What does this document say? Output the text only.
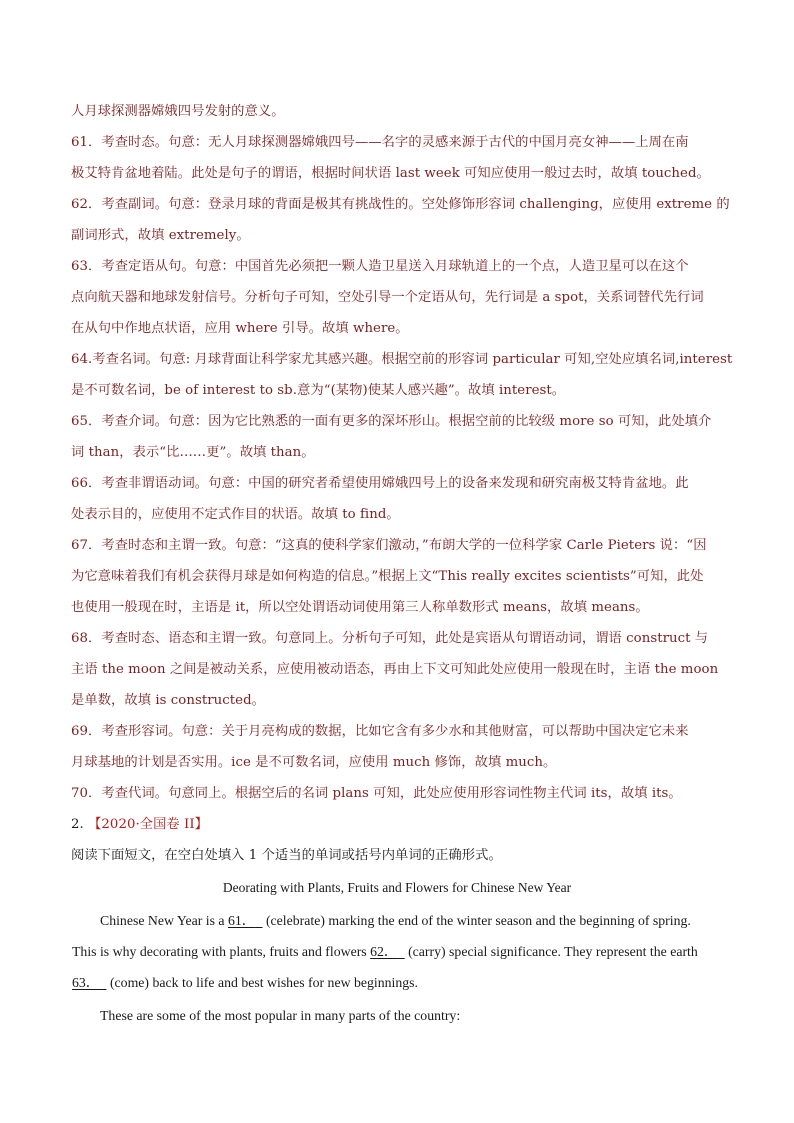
人月球探测器嫦娥四号发射的意义。
61．考查时态。句意：无人月球探测器嫦娥四号——名字的灵感来源于古代的中国月亮女神——上周在南
极艾特肯盆地着陆。此处是句子的谓语，根据时间状语 last week 可知应使用一般过去时，故填 touched。
62．考查副词。句意：登录月球的背面是极其有挑战性的。空处修饰形容词 challenging，应使用 extreme 的
副词形式，故填 extremely。
63．考查定语从句。句意：中国首先必须把一颗人造卫星送入月球轨道上的一个点，人造卫星可以在这个
点向航天器和地球发射信号。分析句子可知，空处引导一个定语从句，先行词是 a spot，关系词替代先行词
在从句中作地点状语，应用 where 引导。故填 where。
64.考查名词。句意: 月球背面让科学家尤其感兴趣。根据空前的形容词 particular 可知,空处应填名词,interest
是不可数名词，be of interest to sb.意为“(某物)使某人感兴趣”。故填 interest。
65．考查介词。句意：因为它比熟悉的一面有更多的深坏形山。根据空前的比较级 more so 可知，此处填介
词 than，表示“比……更”。故填 than。
66．考查非谓语动词。句意：中国的研究者希望使用嫦娥四号上的设备来发现和研究南极艾特肯盆地。此
处表示目的，应使用不定式作目的状语。故填 to find。
67．考查时态和主谓一致。句意：“这真的使科学家们激动，”布朗大学的一位科学家 Carle Pieters 说：“因
为它意味着我们有机会获得月球是如何构造的信息。”根据上文“This really excites scientists”可知，此处
也使用一般现在时，主语是 it，所以空处谓语动词使用第三人称单数形式 means，故填 means。
68．考查时态、语态和主谓一致。句意同上。分析句子可知，此处是宾语从句谓语动词，谓语 construct 与
主语 the moon 之间是被动关系，应使用被动语态，再由上下文可知此处应使用一般现在时，主语 the moon
是单数，故填 is constructed。
69．考查形容词。句意：关于月亮构成的数据，比如它含有多少水和其他财富，可以帮助中国决定它未来
月球基地的计划是否实用。ice 是不可数名词，应使用 much 修饰，故填 much。
70．考查代词。句意同上。根据空后的名词 plans 可知，此处应使用形容词性物主代词 its，故填 its。
2. 【2020·全国卷 II】
阅读下面短文，在空白处填入 1 个适当的单词或括号内单词的正确形式。
Deorating with Plants, Fruits and Flowers for Chinese New Year
Chinese New Year is a 61．   (celebrate) marking the end of the winter season and the beginning of spring.
This is why decorating with plants, fruits and flowers 62．   (carry) special significance. They represent the earth
63．   (come) back to life and best wishes for new beginnings.
These are some of the most popular in many parts of the country:
